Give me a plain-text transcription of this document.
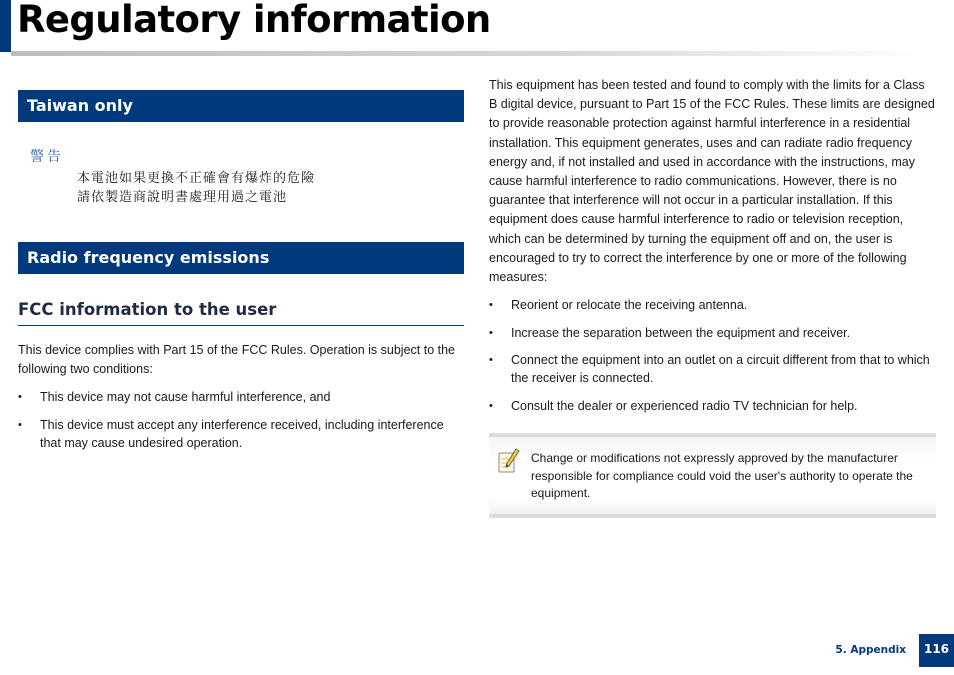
Regulatory information
Taiwan only
警告
本電池如果更換不正確會有爆炸的危險
請依製造商說明書處理用過之電池
Radio frequency emissions
FCC information to the user

This device complies with Part 15 of the FCC Rules. Operation is subject to the following two conditions:

• This device may not cause harmful interference, and
• This device must accept any interference received, including interference that may cause undesired operation.

This equipment has been tested and found to comply with the limits for a Class B digital device, pursuant to Part 15 of the FCC Rules. These limits are designed to provide reasonable protection against harmful interference in a residential installation. This equipment generates, uses and can radiate radio frequency energy and, if not installed and used in accordance with the instructions, may cause harmful interference to radio communications. However, there is no guarantee that interference will not occur in a particular installation. If this equipment does cause harmful interference to radio or television reception, which can be determined by turning the equipment off and on, the user is encouraged to try to correct the interference by one or more of the following measures:

• Reorient or relocate the receiving antenna.
• Increase the separation between the equipment and receiver.
• Connect the equipment into an outlet on a circuit different from that to which the receiver is connected.
• Consult the dealer or experienced radio TV technician for help.
Change or modifications not expressly approved by the manufacturer responsible for compliance could void the user's authority to operate the equipment.
5. Appendix	116
